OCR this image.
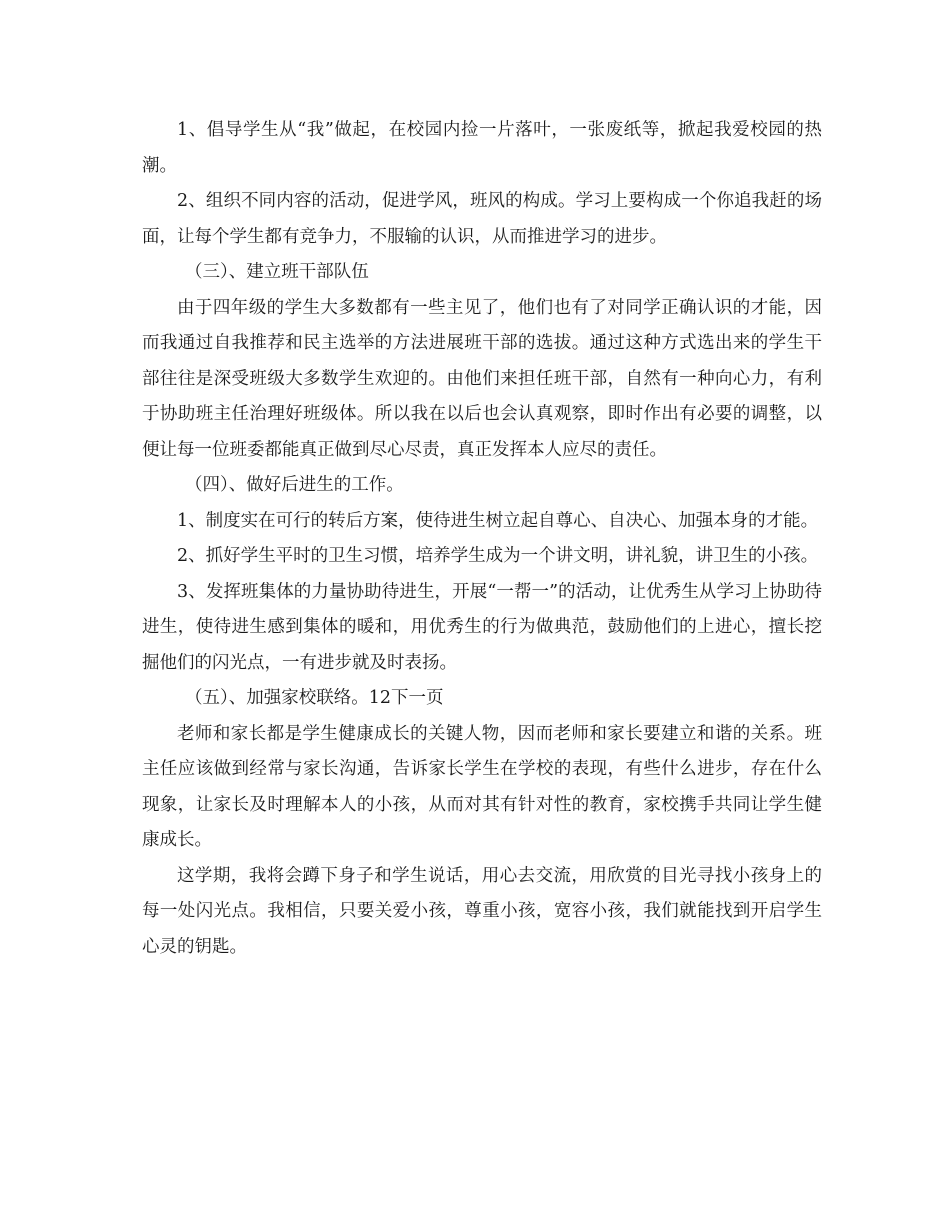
1、倡导学生从“我”做起，在校园内捡一片落叶，一张废纸等，掀起我爱校园的热潮。

2、组织不同内容的活动，促进学风，班风的构成。学习上要构成一个你追我赶的场面，让每个学生都有竞争力，不服输的认识，从而推进学习的进步。

（三）、建立班干部队伍

由于四年级的学生大多数都有一些主见了，他们也有了对同学正确认识的才能，因而我通过自我推荐和民主选举的方法进展班干部的选拔。通过这种方式选出来的学生干部往往是深受班级大多数学生欢迎的。由他们来担任班干部，自然有一种向心力，有利于协助班主任治理好班级体。所以我在以后也会认真观察，即时作出有必要的调整，以便让每一位班委都能真正做到尽心尽责，真正发挥本人应尽的责任。

（四）、做好后进生的工作。

1、制度实在可行的转后方案，使待进生树立起自尊心、自决心、加强本身的才能。

2、抓好学生平时的卫生习惯，培养学生成为一个讲文明，讲礼貌，讲卫生的小孩。

3、发挥班集体的力量协助待进生，开展“一帮一”的活动，让优秀生从学习上协助待进生，使待进生感到集体的暖和，用优秀生的行为做典范，鼓励他们的上进心，擅长挖掘他们的闪光点，一有进步就及时表扬。

（五）、加强家校联络。12下一页

老师和家长都是学生健康成长的关键人物，因而老师和家长要建立和谐的关系。班主任应该做到经常与家长沟通，告诉家长学生在学校的表现，有些什么进步，存在什么现象，让家长及时理解本人的小孩，从而对其有针对性的教育，家校携手共同让学生健康成长。

这学期，我将会蹲下身子和学生说话，用心去交流，用欣赏的目光寻找小孩身上的每一处闪光点。我相信，只要关爱小孩，尊重小孩，宽容小孩，我们就能找到开启学生心灵的钥匙。
